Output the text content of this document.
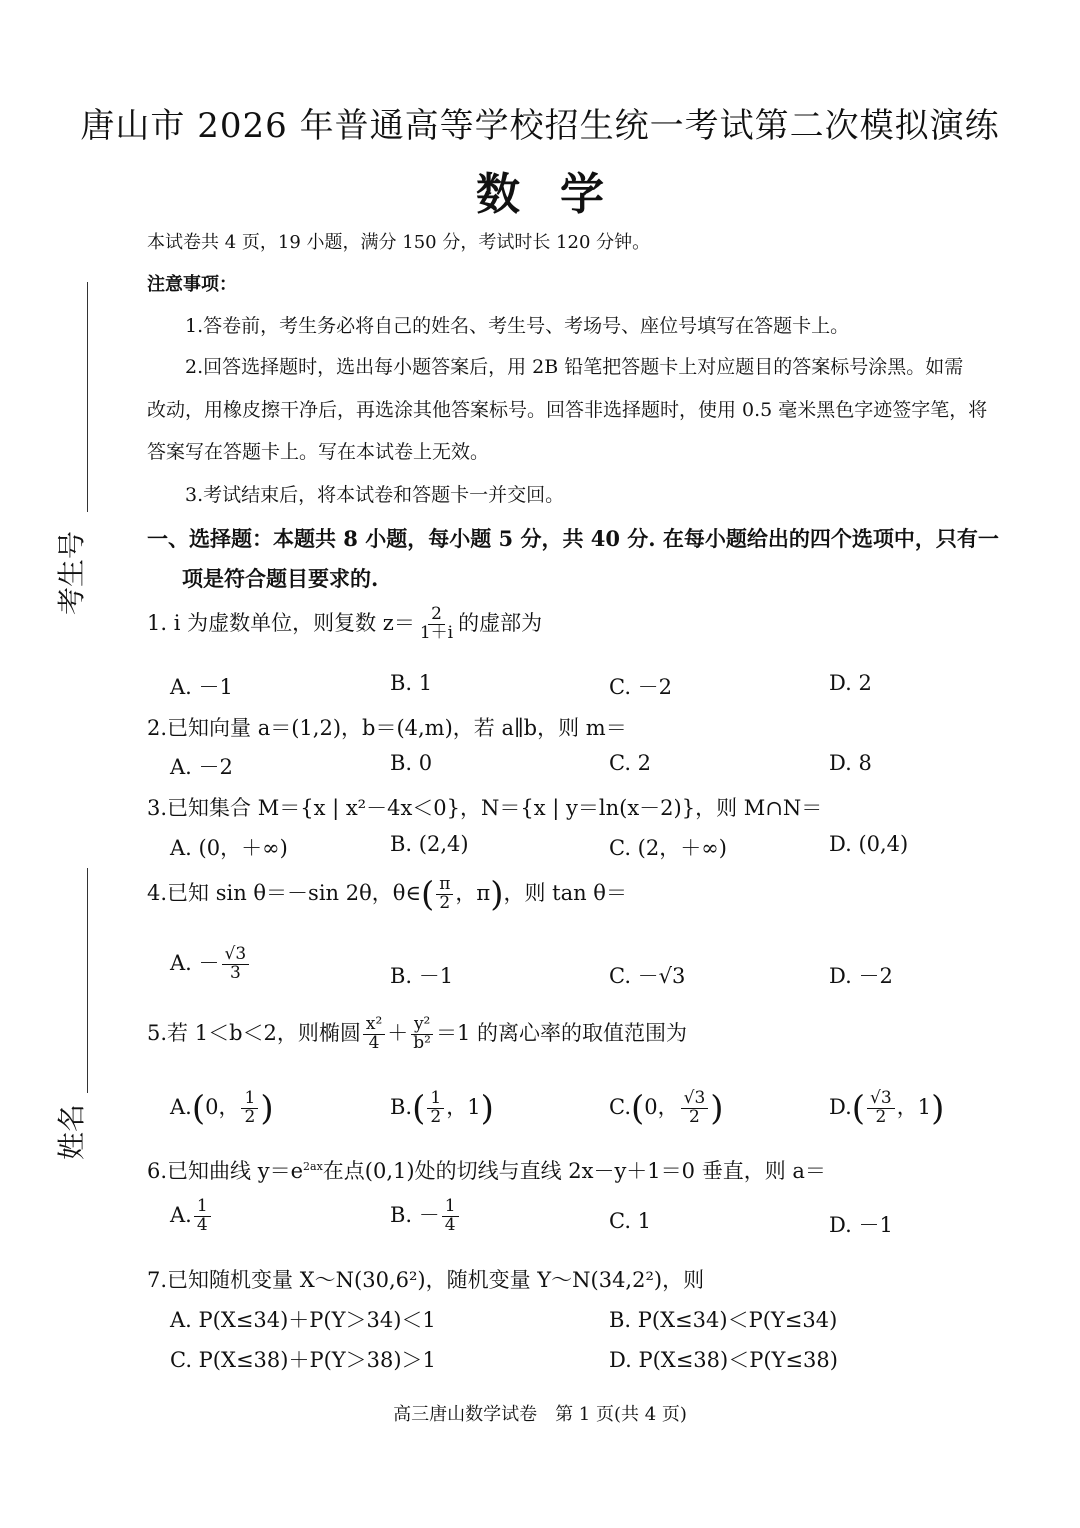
考生号
姓名
唐山市 2026 年普通高等学校招生统一考试第二次模拟演练
数学
本试卷共 4 页，19 小题，满分 150 分，考试时长 120 分钟。
注意事项：
1.答卷前，考生务必将自己的姓名、考生号、考场号、座位号填写在答题卡上。
2.回答选择题时，选出每小题答案后，用 2B 铅笔把答题卡上对应题目的答案标号涂黑。如需
改动，用橡皮擦干净后，再选涂其他答案标号。回答非选择题时，使用 0.5 毫米黑色字迹签字笔，将
答案写在答题卡上。写在本试卷上无效。
3.考试结束后，将本试卷和答题卡一并交回。
一、选择题：本题共 8 小题，每小题 5 分，共 40 分. 在每小题给出的四个选项中，只有一
项是符合题目要求的.
1. i 为虚数单位，则复数 $z= \frac{2}{1+i}$ 的虚部为
A. －1	B. 1	C. －2	D. 2
2.已知向量 a＝(1,2)，b＝(4,m)，若 a∥b，则 m＝
A. －2	B. 0	C. 2	D. 8
3.已知集合 M＝{x | x²－4x＜0}，N＝{x | y＝ln(x－2)}，则 M∩N＝
A. (0，＋∞)	B. (2,4)	C. (2，＋∞)	D. (0,4)
4.已知 sin θ＝－sin 2θ，θ∈( $\frac{\pi}{2}$ ，π)，则 tan θ＝
A. － $\frac{√3}{3}$	B. －1	C. －√3	D. －2
5.若 1＜b＜2，则椭圆 $\frac{\text{x²}}{4} + \frac{\text{y²}}{\text{b²}} =1$ 的离心率的取值范围为
A.(0， $\frac{1}{2}$ )	$B.( \frac{1}{2}$ ，1)	C.(0， $\frac{√3}{2}$ )	$D.( \frac{√3}{2}$ ，1)
6.已知曲线 $y=e^{2ax}$在点(0,1)处的切线与直线 2x－y＋1＝0 垂直，则 a＝
A. $\frac{1}{4}$	B. － $\frac{1}{4}$	C. 1	D. －1
7.已知随机变量 X～N(30,6²)，随机变量 Y～N(34,2²)，则
A. P(X≤34)＋P(Y＞34)＜1	B. P(X≤34)＜P(Y≤34)
C. P(X≤38)＋P(Y＞38)＞1	D. P(X≤38)＜P(Y≤38)
高三唐山数学试卷　第 1 页(共 4 页)
